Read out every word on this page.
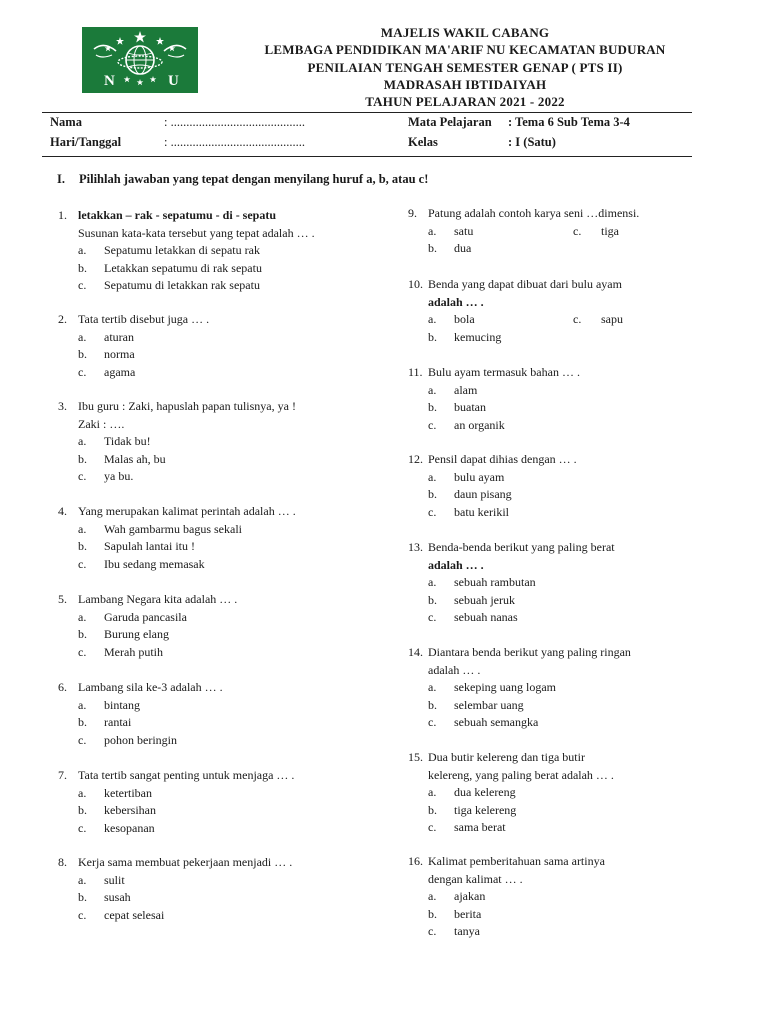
N	U
MAJELIS WAKIL CABANG
LEMBAGA PENDIDIKAN MA'ARIF NU KECAMATAN BUDURAN
PENILAIAN TENGAH SEMESTER GENAP ( PTS II)
MADRASAH IBTIDAIYAH
TAHUN PELAJARAN 2021 - 2022
Nama	: ...........................................
Hari/Tanggal	: ...........................................
Mata Pelajaran : Tema 6 Sub Tema 3-4
Kelas	: I (Satu)
I. Pilihlah jawaban yang tepat dengan menyilang huruf a, b, atau c!
1. letakkan – rak - sepatumu - di - sepatu
Susunan kata-kata tersebut yang tepat adalah … .
a. Sepatumu letakkan di sepatu rak
b. Letakkan sepatumu di rak sepatu
c. Sepatumu di letakkan rak sepatu
2. Tata tertib disebut juga … .
a. aturan
b. norma
c. agama
3. Ibu guru : Zaki, hapuslah papan tulisnya, ya !
Zaki : ….
a. Tidak bu!
b. Malas ah, bu
c. ya bu.
4. Yang merupakan kalimat perintah adalah … .
a. Wah gambarmu bagus sekali
b. Sapulah lantai itu !
c. Ibu sedang memasak
5. Lambang Negara kita adalah … .
a. Garuda pancasila
b. Burung elang
c. Merah putih
6. Lambang sila ke-3 adalah … .
a. bintang
b. rantai
c. pohon beringin
7. Tata tertib sangat penting untuk menjaga … .
a. ketertiban
b. kebersihan
c. kesopanan
8. Kerja sama membuat pekerjaan menjadi … .
a. sulit
b. susah
c. cepat selesai
9. Patung adalah contoh karya seni …dimensi.
a. satu	c. tiga
b. dua
10. Benda yang dapat dibuat dari bulu ayam
adalah … .
a. bola	c. sapu
b. kemucing
11. Bulu ayam termasuk bahan … .
a. alam
b. buatan
c. an organik
12. Pensil dapat dihias dengan … .
a. bulu ayam
b. daun pisang
c. batu kerikil
13. Benda-benda berikut yang paling berat
adalah … .
a. sebuah rambutan
b. sebuah jeruk
c. sebuah nanas
14. Diantara benda berikut yang paling ringan
adalah … .
a. sekeping uang logam
b. selembar uang
c. sebuah semangka
15. Dua butir kelereng dan tiga butir
kelereng, yang paling berat adalah … .
a. dua kelereng
b. tiga kelereng
c. sama berat
16. Kalimat pemberitahuan sama artinya
dengan kalimat … .
a. ajakan
b. berita
c. tanya
